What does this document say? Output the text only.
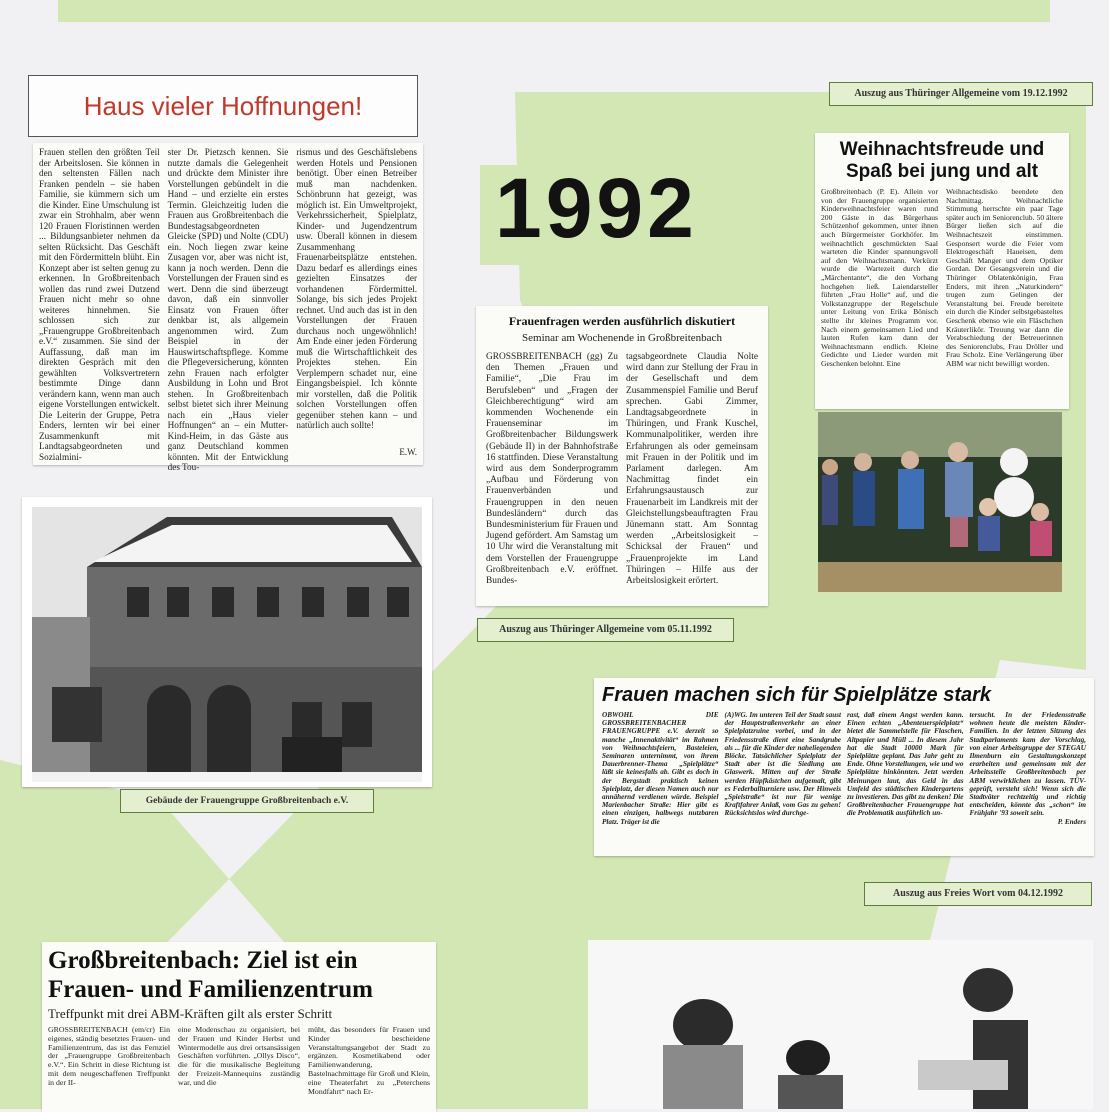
1992
Haus vieler Hoffnungen!
Frauen stellen den größten Teil der Arbeitslosen. Sie können in den seltensten Fällen nach Franken pendeln – sie haben Familie, sie kümmern sich um die Kinder. Eine Umschulung ist zwar ein Strohhalm, aber wenn 120 Frauen Floristinnen werden ... Bildungsanbieter nehmen da selten Rücksicht. Das Geschäft mit den Fördermitteln blüht. Ein Konzept aber ist selten genug zu erkennen. In Großbreitenbach wollen das rund zwei Dutzend Frauen nicht mehr so ohne weiteres hinnehmen. Sie schlossen sich zur „Frauengruppe Großbreitenbach e.V.“ zusammen. Sie sind der Auffassung, daß man im direkten Gespräch mit den gewählten Volksvertretern bestimmte Dinge dann verändern kann, wenn man auch eigene Vorstellungen entwickelt. Die Leiterin der Gruppe, Petra Enders, lernten wir bei einer Zusammenkunft mit Landtagsabgeordneten und Sozialmini-
ster Dr. Pietzsch kennen. Sie nutzte damals die Gelegenheit und drückte dem Minister ihre Vorstellungen gebündelt in die Hand – und erzielte ein erstes Termin. Gleichzeitig luden die Frauen aus Großbreitenbach die Bundestagsabgeordneten Gleicke (SPD) und Nolte (CDU) ein. Noch liegen zwar keine Zusagen vor, aber was nicht ist, kann ja noch werden. Denn die Vorstellungen der Frauen sind es wert. Denn die sind überzeugt davon, daß ein sinnvoller Einsatz von Frauen öfter denkbar ist, als allgemein angenommen wird. Zum Beispiel in der Hauswirtschaftspflege. Komme die Pflegeversicherung, könnten zehn Frauen nach erfolgter Ausbildung in Lohn und Brot stehen. In Großbreitenbach selbst bietet sich ihrer Meinung nach ein „Haus vieler Hoffnungen“ an – ein Mutter-Kind-Heim, in das Gäste aus ganz Deutschland kommen könnten. Mit der Entwicklung des Tou-
rismus und des Geschäftslebens werden Hotels und Pensionen benötigt. Über einen Betreiber muß man nachdenken. Schönbrunn hat gezeigt, was möglich ist. Ein Umweltprojekt, Verkehrssicherheit, Spielplatz, Kinder- und Jugendzentrum usw. Überall können in diesem Zusammenhang Frauenarbeitsplätze entstehen. Dazu bedarf es allerdings eines gezielten Einsatzes der vorhandenen Fördermittel. Solange, bis sich jedes Projekt rechnet. Und auch das ist in den Vorstellungen der Frauen durchaus noch ungewöhnlich! Am Ende einer jeden Förderung muß die Wirtschaftlichkeit des Projektes stehen. Ein Verplempern schadet nur, eine Eingangsbeispiel. Ich könnte mir vorstellen, daß die Politik solchen Vorstellungen offen gegenüber stehen kann – und natürlich auch sollte!
E.W.
Gebäude der Frauengruppe Großbreitenbach e.V.
Frauenfragen werden ausführlich diskutiert
Seminar am Wochenende in Großbreitenbach
GROSSBREITENBACH (gg) Zu den Themen „Frauen und Familie“, „Die Frau im Berufsleben“ und „Fragen der Gleichberechtigung“ wird am kommenden Wochenende ein Frauenseminar im Großbreitenbacher Bildungswerk (Gebäude II) in der Bahnhofstraße 16 stattfinden. Diese Veranstaltung wird aus dem Sonderprogramm „Aufbau und Förderung von Frauenverbänden und Frauengruppen in den neuen Bundesländern“ durch das Bundesministerium für Frauen und Jugend gefördert. Am Samstag um 10 Uhr wird die Veranstaltung mit dem Vorstellen der Frauengruppe Großbreitenbach e.V. eröffnet. Bundes-
tagsabgeordnete Claudia Nolte wird dann zur Stellung der Frau in der Gesellschaft und dem Zusammenspiel Familie und Beruf sprechen. Gabi Zimmer, Landtagsabgeordnete in Thüringen, und Frank Kuschel, Kommunalpolitiker, werden ihre Erfahrungen als oder gemeinsam mit Frauen in der Politik und im Parlament darlegen. Am Nachmittag findet ein Erfahrungsaustausch zur Frauenarbeit im Landkreis mit der Gleichstellungsbeauftragten Frau Jünemann statt. Am Sonntag werden „Arbeitslosigkeit – Schicksal der Frauen“ und „Frauenprojekte im Land Thüringen – Hilfe aus der Arbeitslosigkeit erörtert.
Auszug aus Thüringer Allgemeine vom 05.11.1992
Auszug aus Thüringer Allgemeine vom 19.12.1992
Weihnachtsfreude und Spaß bei jung und alt
Großbreitenbach (P. E). Allein vor von der Frauengruppe organisierten Kinderweihnachtsfeier waren rund 200 Gäste in das Bürgerhaus Schützenhof gekommen, unter ihnen auch Bürgermeister Gorkhöfer. Im weihnachtlich geschmückten Saal warteten die Kinder spannungsvoll auf den Weihnachtsmann. Verkürzt wurde die Wartezeit durch die „Märchentante“, die den Vorhang hochgehen ließ. Laiendarsteller führten „Frau Holle“ auf, und die Volkstanzgruppe der Regelschule unter Leitung von Erika Bönisch stellte ihr kleines Programm vor. Nach einem gemeinsamen Lied und lauten Rufen kam dann der Weihnachtsmann endlich. Kleine Gedichte und Lieder wurden mit Geschenken belohnt. Eine
Weihnachtsdisko beendete den Nachmittag. Weihnachtliche Stimmung herrschte ein paar Tage später auch im Seniorenclub. 50 ältere Bürger ließen sich auf die Weihnachtszeit einstimmen. Gesponsert wurde die Feier vom Elektrogeschäft Haueisen, dem Geschäft Manger und dem Optiker Gordan. Der Gesangsverein und die Thüringer Oblatenkönigin, Frau Enders, mit ihren „Naturkindern“ trugen zum Gelingen der Veranstaltung bei. Freude bereitete ein durch die Kinder selbstgebasteltes Geschenk ebenso wie ein Fläschchen Kräuterlikör. Treuung war dann die Verabschiedung der Betreuerinnen des Seniorenclubs, Frau Dröller und Frau Scholz. Eine Verlängerung über ABM war nicht bewilligt worden.
Frauen machen sich für Spielplätze stark
OBWOHL DIE GROSSBREITENBACHER FRAUENGRUPPE e.V. derzeit so manche „Innenaktivität“ im Rahmen von Weihnachtsfeiern, Basteleien, Seminaren unternimmt, von ihrem Dauerbrenner-Thema „Spielplätze“ läßt sie keinesfalls ab. Gibt es doch in der Bergstadt praktisch keinen Spielplatz, der diesen Namen auch nur annähernd verdienen würde. Beispiel Marienbacher Straße: Hier gibt es einen einzigen, halbwegs nutzbaren Platz. Träger ist die
(A)WG. Im unteren Teil der Stadt saust der Hauptstraßenverkehr an einer Spielplatzruine vorbei, und in der Friedensstraße dient eine Sandgrube als ... für die Kinder der naheliegenden Blöcke. Tatsächlicher Spielplatz der Stadt aber ist die Siedlung am Glaswerk. Mitten auf der Straße werden Hüpfkästchen aufgemalt, gibt es Federballturniere usw. Der Hinweis „Spielstraße“ ist nur für wenige Kraftfahrer Anlaß, vom Gas zu gehen! Rücksichtslos wird durchge-
rast, daß einem Angst werden kann. Einen echten „Abenteuerspielplatz“ bietet die Sammelstelle für Flaschen, Altpapier und Müll ... In diesem Jahr hat die Stadt 10000 Mark für Spielplätze geplant. Das Jahr geht zu Ende. Ohne Vorstellungen, wie und wo Spielplätze hinkönnten. Jetzt werden Meinungen laut, das Geld in das Umfeld des städtischen Kindergartens zu investieren. Das gibt zu denken! Die Großbreitenbacher Frauengruppe hat die Problematik ausführlich un-
tersucht. In der Friedensstraße wohnen heute die meisten Kinder-Familien. In der letzten Sitzung des Stadtparlaments kam der Vorschlag, von einer Arbeitsgruppe der STEGAU Ilmenburn ein Gestaltungskonzept erarbeiten und gemeinsam mit der Arbeitsstelle Großbreitenbach per ABM verwirklichen zu lassen. TÜV-geprüft, versteht sich! Wenn sich die Stadtväter rechtzeitig und richtig entscheiden, könnte das „schon“ im Frühjahr '93 soweit sein.
P. Enders
Auszug aus Freies Wort vom 04.12.1992
Großbreitenbach: Ziel ist ein Frauen- und Familienzentrum
Treffpunkt mit drei ABM-Kräften gilt als erster Schritt
GROSSBREITENBACH (em/cr) Ein eigenes, ständig besetztes Frauen- und Familienzentrum, das ist das Fernziel der „Frauengruppe Großbreitenbach e.V.“. Ein Schritt in diese Richtung ist mit dem neugeschaffenen Treffpunkt in der II-
eine Modenschau zu organisiert, bei der Frauen und Kinder Herbst und Wintermodelle aus drei ortsansässigen Geschäften vorführten. „Ollys Disco“, die für die musikalische Begleitung der Freizeit-Mannequins zuständig war, und die
müht, das besonders für Frauen und Kinder bescheidene Veranstaltungsangebot der Stadt zu ergänzen. Kosmetikabend oder Familienwanderung, Bastelnachmittage für Groß und Klein, eine Theaterfahrt zu „Peterchens Mondfahrt“ nach Er-
